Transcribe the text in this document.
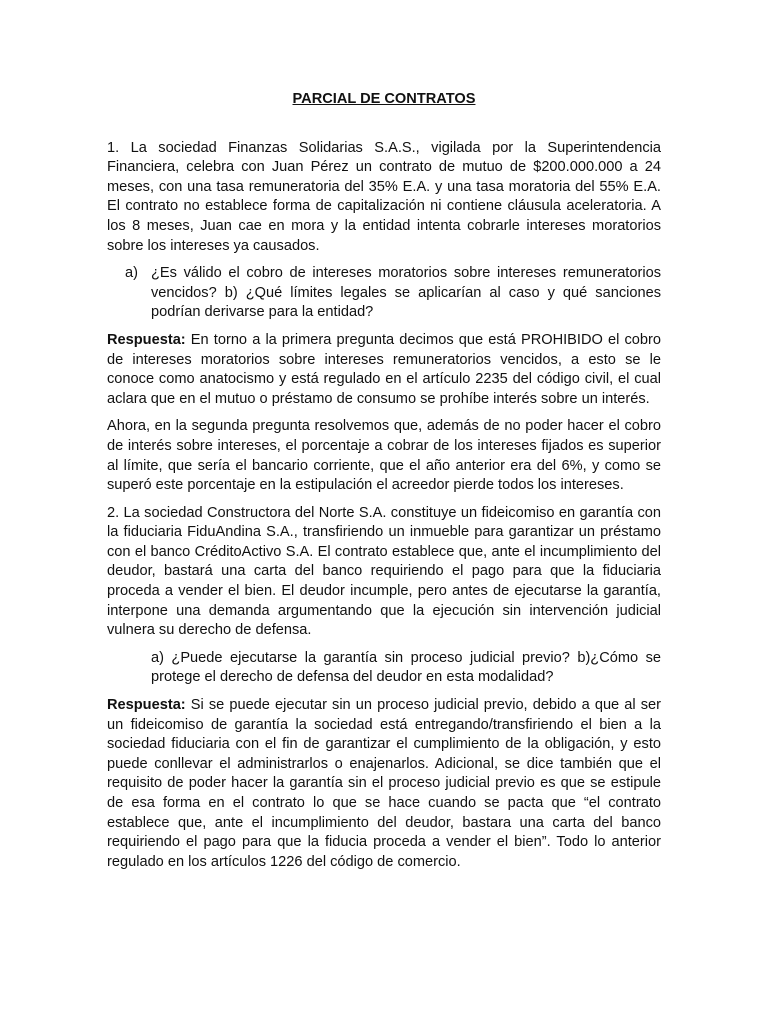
PARCIAL DE CONTRATOS

1. La sociedad Finanzas Solidarias S.A.S., vigilada por la Superintendencia Financiera, celebra con Juan Pérez un contrato de mutuo de $200.000.000 a 24 meses, con una tasa remuneratoria del 35% E.A. y una tasa moratoria del 55% E.A. El contrato no establece forma de capitalización ni contiene cláusula aceleratoria. A los 8 meses, Juan cae en mora y la entidad intenta cobrarle intereses moratorios sobre los intereses ya causados.

a) ¿Es válido el cobro de intereses moratorios sobre intereses remuneratorios vencidos? b) ¿Qué límites legales se aplicarían al caso y qué sanciones podrían derivarse para la entidad?

Respuesta: En torno a la primera pregunta decimos que está PROHIBIDO el cobro de intereses moratorios sobre intereses remuneratorios vencidos, a esto se le conoce como anatocismo y está regulado en el artículo 2235 del código civil, el cual aclara que en el mutuo o préstamo de consumo se prohíbe interés sobre un interés.

Ahora, en la segunda pregunta resolvemos que, además de no poder hacer el cobro de interés sobre intereses, el porcentaje a cobrar de los intereses fijados es superior al límite, que sería el bancario corriente, que el año anterior era del 6%, y como se superó este porcentaje en la estipulación el acreedor pierde todos los intereses.

2. La sociedad Constructora del Norte S.A. constituye un fideicomiso en garantía con la fiduciaria FiduAndina S.A., transfiriendo un inmueble para garantizar un préstamo con el banco CréditoActivo S.A. El contrato establece que, ante el incumplimiento del deudor, bastará una carta del banco requiriendo el pago para que la fiduciaria proceda a vender el bien. El deudor incumple, pero antes de ejecutarse la garantía, interpone una demanda argumentando que la ejecución sin intervención judicial vulnera su derecho de defensa.

a) ¿Puede ejecutarse la garantía sin proceso judicial previo? b)¿Cómo se protege el derecho de defensa del deudor en esta modalidad?

Respuesta: Si se puede ejecutar sin un proceso judicial previo, debido a que al ser un fideicomiso de garantía la sociedad está entregando/transfiriendo el bien a la sociedad fiduciaria con el fin de garantizar el cumplimiento de la obligación, y esto puede conllevar el administrarlos o enajenarlos. Adicional, se dice también que el requisito de poder hacer la garantía sin el proceso judicial previo es que se estipule de esa forma en el contrato lo que se hace cuando se pacta que “el contrato establece que, ante el incumplimiento del deudor, bastara una carta del banco requiriendo el pago para que la fiducia proceda a vender el bien”. Todo lo anterior regulado en los artículos 1226 del código de comercio.
